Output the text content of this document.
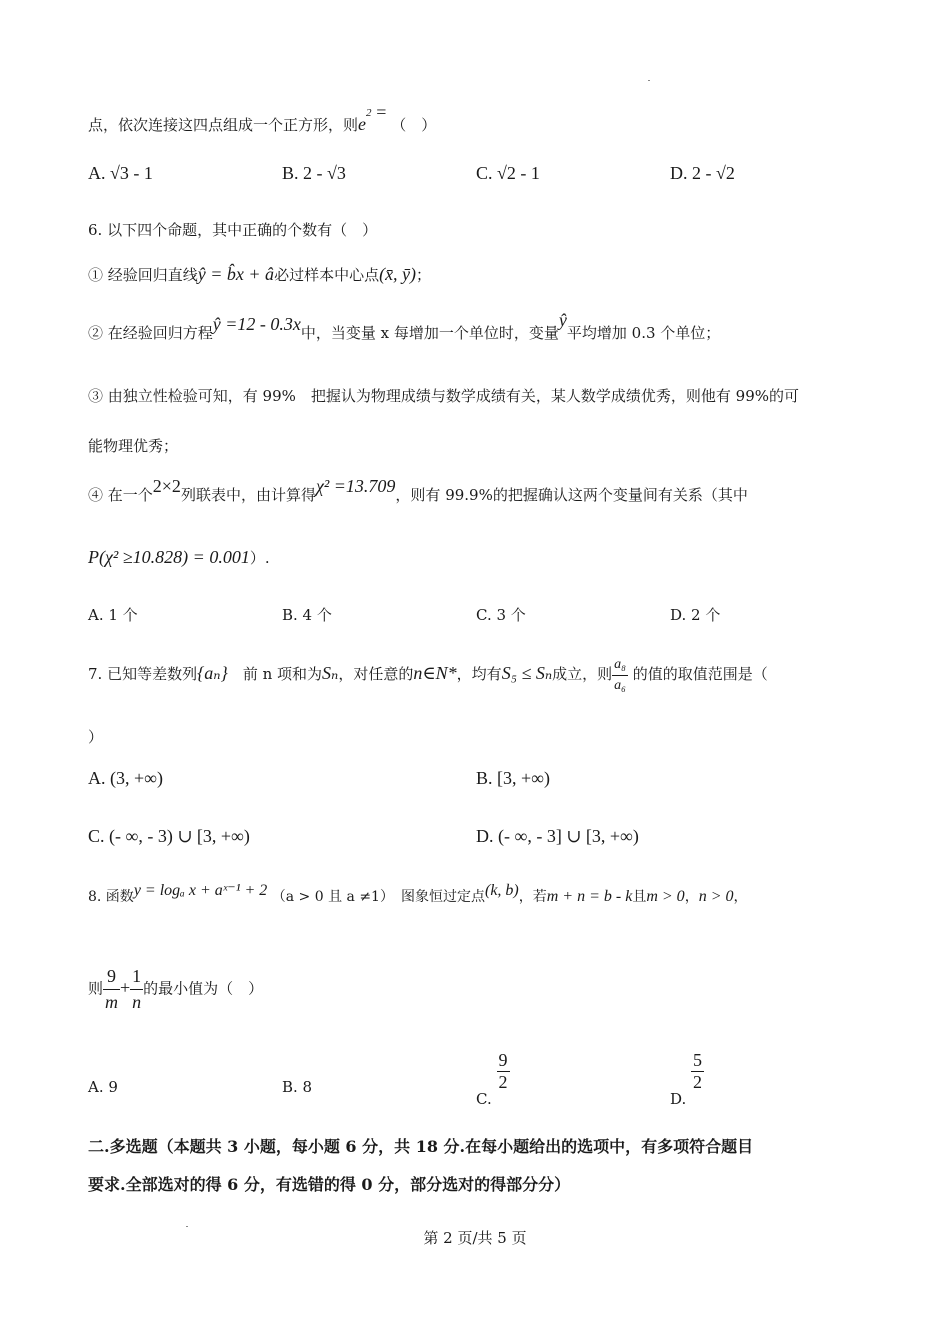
点，依次连接这四点组成一个正方形，则$e^2$ = （　）
A. √3 - 1	B. 2 - √3	C. √2 - 1	D. 2 - √2
6. 以下四个命题，其中正确的个数有（　）
① 经验回归直线ŷ = b̂x + â必过样本中心点(x̄, ȳ)；
② 在经验回归方程ŷ =12 - 0.3x中，当变量 x 每增加一个单位时，变量ŷ平均增加 0.3 个单位；
③ 由独立性检验可知，有 99%　把握认为物理成绩与数学成绩有关，某人数学成绩优秀，则他有 99%的可
能物理优秀；
④ 在一个2×2列联表中，由计算得χ² =13.709，则有 99.9%的把握确认这两个变量间有关系（其中
P(χ² ≥10.828) = 0.001）.
A. 1 个	B. 4 个	C. 3 个	D. 2 个
7. 已知等差数列{aₙ}　 前 n 项和为Sₙ，对任意的n∈N*，均有S₅ ≤ Sₙ成立，则 $\frac{\text{a₈}}{\text{a₆}}$ 的值的取值范围是（
）
A. (3, +∞)	B. [3, +∞)
C. (- ∞, - 3) ∪ [3, +∞)	D. (- ∞, - 3] ∪ [3, +∞)
8. 函数y = logₐ x + aˣ⁻¹ + 2 （a > 0 且 a ≠1）　 图象恒过定点(k, b)，若m + n = b - k且m > 0，n > 0，
则 $\frac{9}{m} + \frac{1}{n}$ 的最小值为（　）
A. 9	B. 8
C.
$\frac{9}{2}$
D.
$\frac{5}{2}$
二.多选题（本题共 3 小题，每小题 6 分，共 18 分.在每小题给出的选项中，有多项符合题目
要求.全部选对的得 6 分，有选错的得 0 分，部分选对的得部分分）
第 2 页/共 5 页
